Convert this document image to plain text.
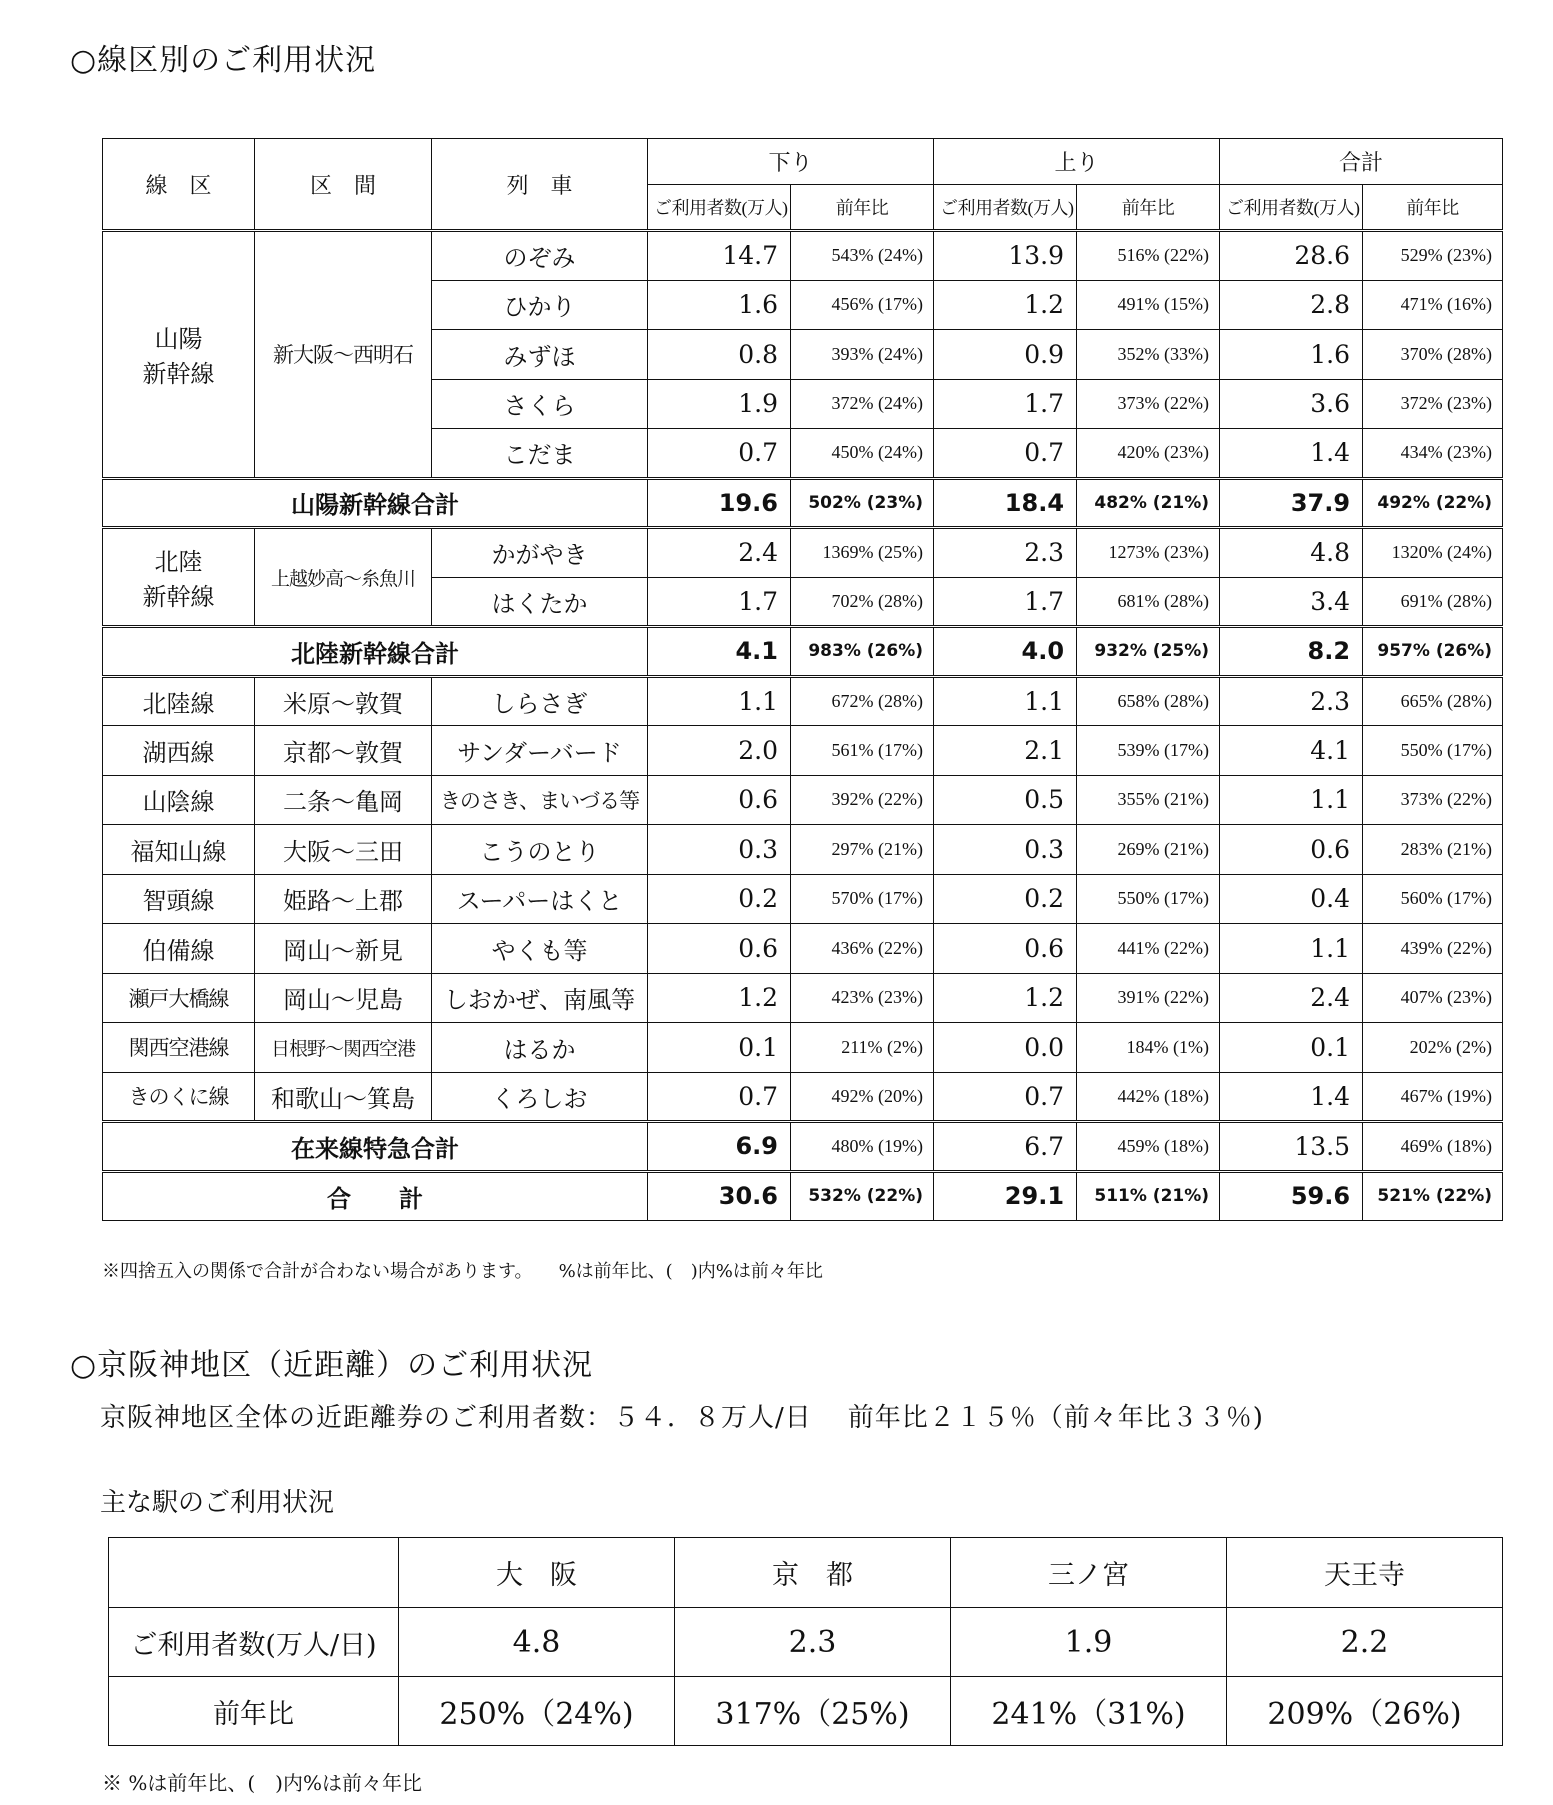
○線区別のご利用状況
線　区	区　間	列　車	下り		上り		合計	
			ご利用者数(万人)	前年比	ご利用者数(万人)	前年比	ご利用者数(万人)	前年比
山陽
新幹線	新大阪～西明石	のぞみ	14.7	543% (24%)	13.9	516% (22%)	28.6	529% (23%)
		ひかり	1.6	456% (17%)	1.2	491% (15%)	2.8	471% (16%)
		みずほ	0.8	393% (24%)	0.9	352% (33%)	1.6	370% (28%)
		さくら	1.9	372% (24%)	1.7	373% (22%)	3.6	372% (23%)
		こだま	0.7	450% (24%)	0.7	420% (23%)	1.4	434% (23%)
山陽新幹線合計			19.6	502% (23%)	18.4	482% (21%)	37.9	492% (22%)
北陸
新幹線	上越妙高～糸魚川	かがやき	2.4	1369% (25%)	2.3	1273% (23%)	4.8	1320% (24%)
		はくたか	1.7	702% (28%)	1.7	681% (28%)	3.4	691% (28%)
北陸新幹線合計			4.1	983% (26%)	4.0	932% (25%)	8.2	957% (26%)
北陸線	米原～敦賀	しらさぎ	1.1	672% (28%)	1.1	658% (28%)	2.3	665% (28%)
湖西線	京都～敦賀	サンダーバード	2.0	561% (17%)	2.1	539% (17%)	4.1	550% (17%)
山陰線	二条～亀岡	きのさき、まいづる等	0.6	392% (22%)	0.5	355% (21%)	1.1	373% (22%)
福知山線	大阪～三田	こうのとり	0.3	297% (21%)	0.3	269% (21%)	0.6	283% (21%)
智頭線	姫路～上郡	スーパーはくと	0.2	570% (17%)	0.2	550% (17%)	0.4	560% (17%)
伯備線	岡山～新見	やくも等	0.6	436% (22%)	0.6	441% (22%)	1.1	439% (22%)
瀬戸大橋線	岡山～児島	しおかぜ、南風等	1.2	423% (23%)	1.2	391% (22%)	2.4	407% (23%)
関西空港線	日根野～関西空港	はるか	0.1	211% (2%)	0.0	184% (1%)	0.1	202% (2%)
きのくに線	和歌山～箕島	くろしお	0.7	492% (20%)	0.7	442% (18%)	1.4	467% (19%)
在来線特急合計			6.9	480% (19%)	6.7	459% (18%)	13.5	469% (18%)
合　　計			30.6	532% (22%)	29.1	511% (21%)	59.6	521% (22%)
※四捨五入の関係で合計が合わない場合があります。 %は前年比、(　)内%は前々年比
○京阪神地区（近距離）のご利用状況
京阪神地区全体の近距離券のご利用者数：５４．８万人/日 前年比２１５％（前々年比３３％)
主な駅のご利用状況
	大　阪	京　都	三ノ宮	天王寺
ご利用者数(万人/日)	4.8	2.3	1.9	2.2
前年比	250%（24%)	317%（25%)	241%（31%)	209%（26%)
※ %は前年比、(　)内%は前々年比
